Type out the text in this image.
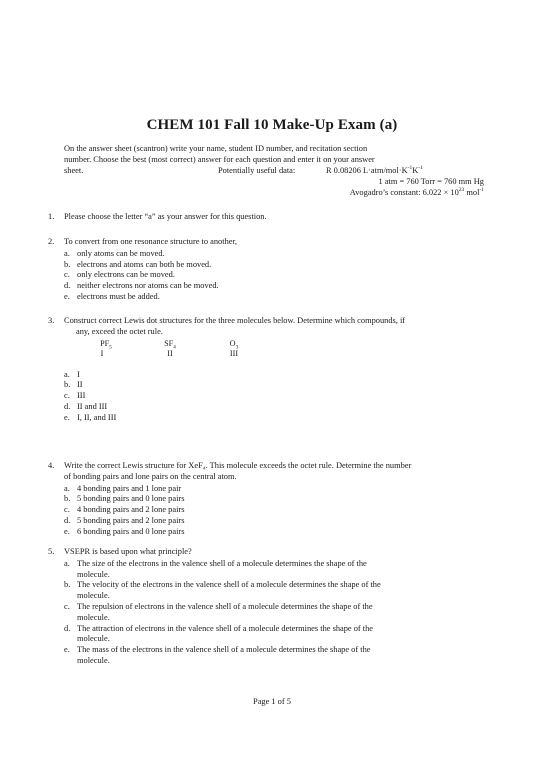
CHEM 101 Fall 10 Make-Up Exam (a)
On the answer sheet (scantron) write your name, student ID number, and recitation section
number. Choose the best (most correct) answer for each question and enter it on your answer
sheet.	Potentially useful data:	R 0.08206 $L\cdot atm/mol\cdot K^{-1}K^{-1}$
1 atm = 760 Torr = 760 mm Hg
Avogadro’s constant: $6.022 \times 10^{23}$ mol$^{-1}$
1. Please choose the letter “a” as your answer for this question.
2. To convert from one resonance structure to another,
a. only atoms can be moved.
b. electrons and atoms can both be moved.
c. only electrons can be moved.
d. neither electrons nor atoms can be moved.
e. electrons must be added.
3. Construct correct Lewis dot structures for the three molecules below. Determine which compounds, if
any, exceed the octet rule.
$PF_5$	$SF_4$	$O_3$
I	II	III
a. I
b. II
c. III
d. II and III
e. I, II, and III
4. Write the correct Lewis structure for XeF₄. This molecule exceeds the octet rule. Determine the number
of bonding pairs and lone pairs on the central atom.
a. 4 bonding pairs and 1 lone pair
b. 5 bonding pairs and 0 lone pairs
c. 4 bonding pairs and 2 lone pairs
d. 5 bonding pairs and 2 lone pairs
e. 6 bonding pairs and 0 lone pairs
5. VSEPR is based upon what principle?
a. The size of the electrons in the valence shell of a molecule determines the shape of the
molecule.
b. The velocity of the electrons in the valence shell of a molecule determines the shape of the
molecule.
c. The repulsion of electrons in the valence shell of a molecule determines the shape of the
molecule.
d. The attraction of electrons in the valence shell of a molecule determines the shape of the
molecule.
e. The mass of the electrons in the valence shell of a molecule determines the shape of the
molecule.
Page 1 of 5
